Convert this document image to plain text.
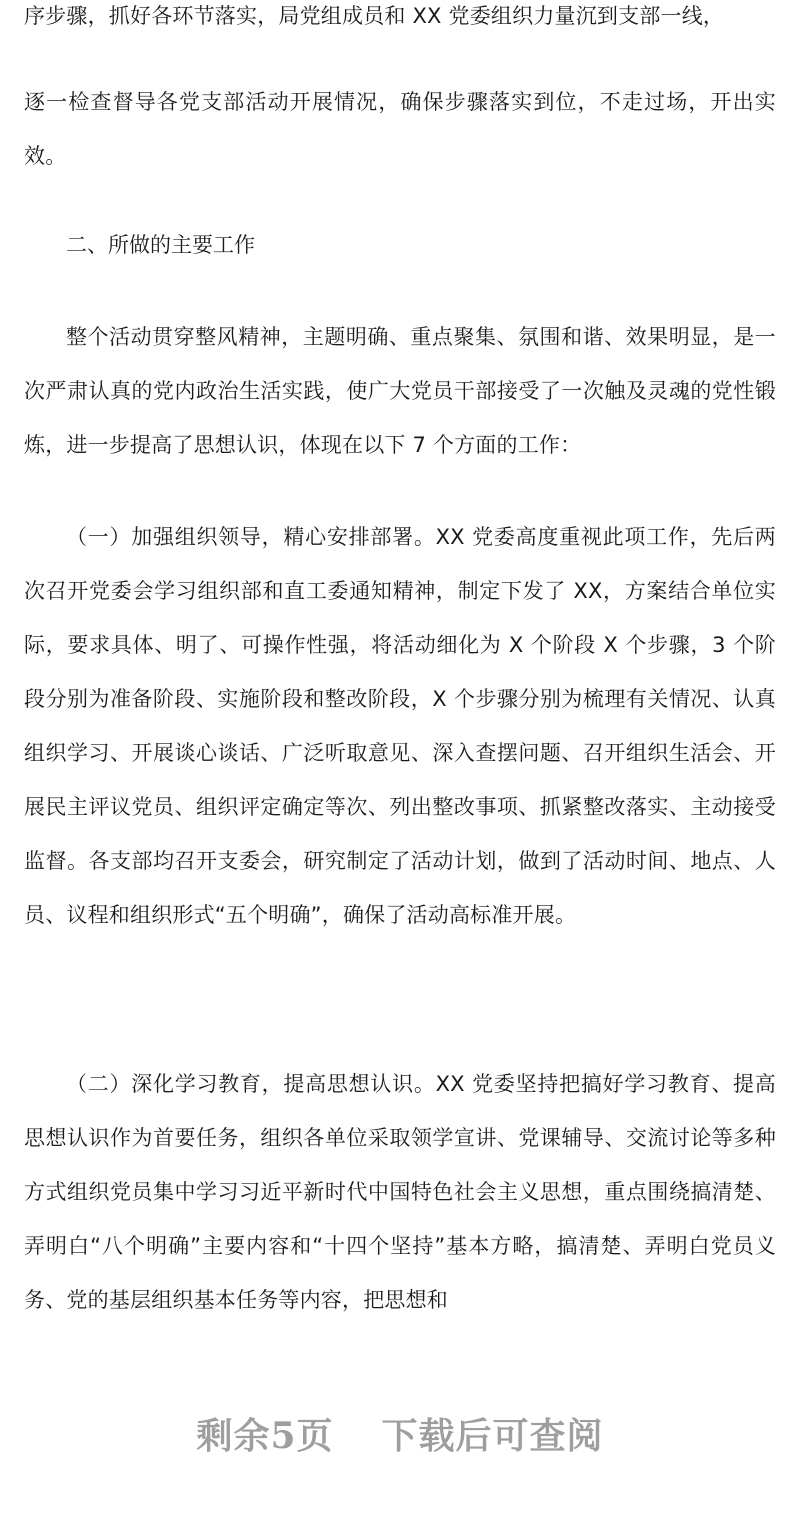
序步骤，抓好各环节落实，局党组成员和 XX 党委组织力量沉到支部一线，

逐一检查督导各党支部活动开展情况，确保步骤落实到位，不走过场，开出实效。

二、所做的主要工作

整个活动贯穿整风精神，主题明确、重点聚集、氛围和谐、效果明显，是一次严肃认真的党内政治生活实践，使广大党员干部接受了一次触及灵魂的党性锻炼，进一步提高了思想认识，体现在以下 7 个方面的工作：

（一）加强组织领导，精心安排部署。XX 党委高度重视此项工作，先后两次召开党委会学习组织部和直工委通知精神，制定下发了 XX，方案结合单位实际，要求具体、明了、可操作性强，将活动细化为 X 个阶段 X 个步骤，3 个阶段分别为准备阶段、实施阶段和整改阶段，X 个步骤分别为梳理有关情况、认真组织学习、开展谈心谈话、广泛听取意见、深入查摆问题、召开组织生活会、开展民主评议党员、组织评定确定等次、列出整改事项、抓紧整改落实、主动接受监督。各支部均召开支委会，研究制定了活动计划，做到了活动时间、地点、人员、议程和组织形式“五个明确”，确保了活动高标准开展。

（二）深化学习教育，提高思想认识。XX 党委坚持把搞好学习教育、提高思想认识作为首要任务，组织各单位采取领学宣讲、党课辅导、交流讨论等多种方式组织党员集中学习习近平新时代中国特色社会主义思想，重点围绕搞清楚、弄明白“八个明确”主要内容和“十四个坚持”基本方略，搞清楚、弄明白党员义务、党的基层组织基本任务等内容，把思想和

剩余5页 下载后可查阅
